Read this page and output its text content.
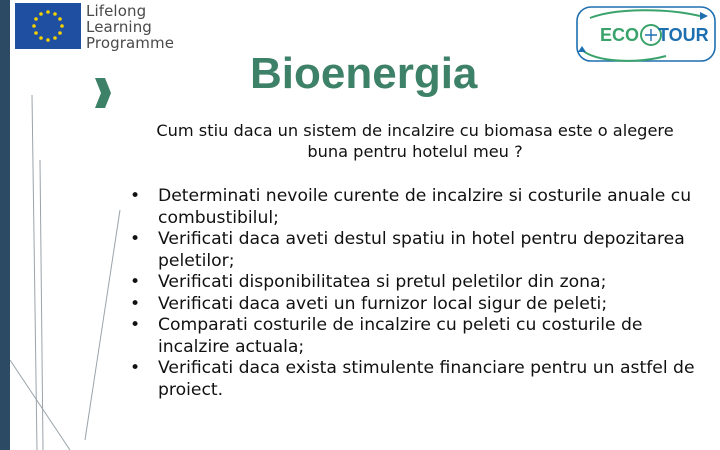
Lifelong
Learning
Programme	ECO TOUR
Bioenergia

Cum stiu daca un sistem de incalzire cu biomasa este o alegere buna pentru hotelul meu ?

• Determinati nevoile curente de incalzire si costurile anuale cu combustibilul;
• Verificati daca aveti destul spatiu in hotel pentru depozitarea peletilor;
• Verificati disponibilitatea si pretul peletilor din zona;
• Verificati daca aveti un furnizor local sigur de peleti;
• Comparati costurile de incalzire cu peleti cu costurile de incalzire actuala;
• Verificati daca exista stimulente financiare pentru un astfel de proiect.
